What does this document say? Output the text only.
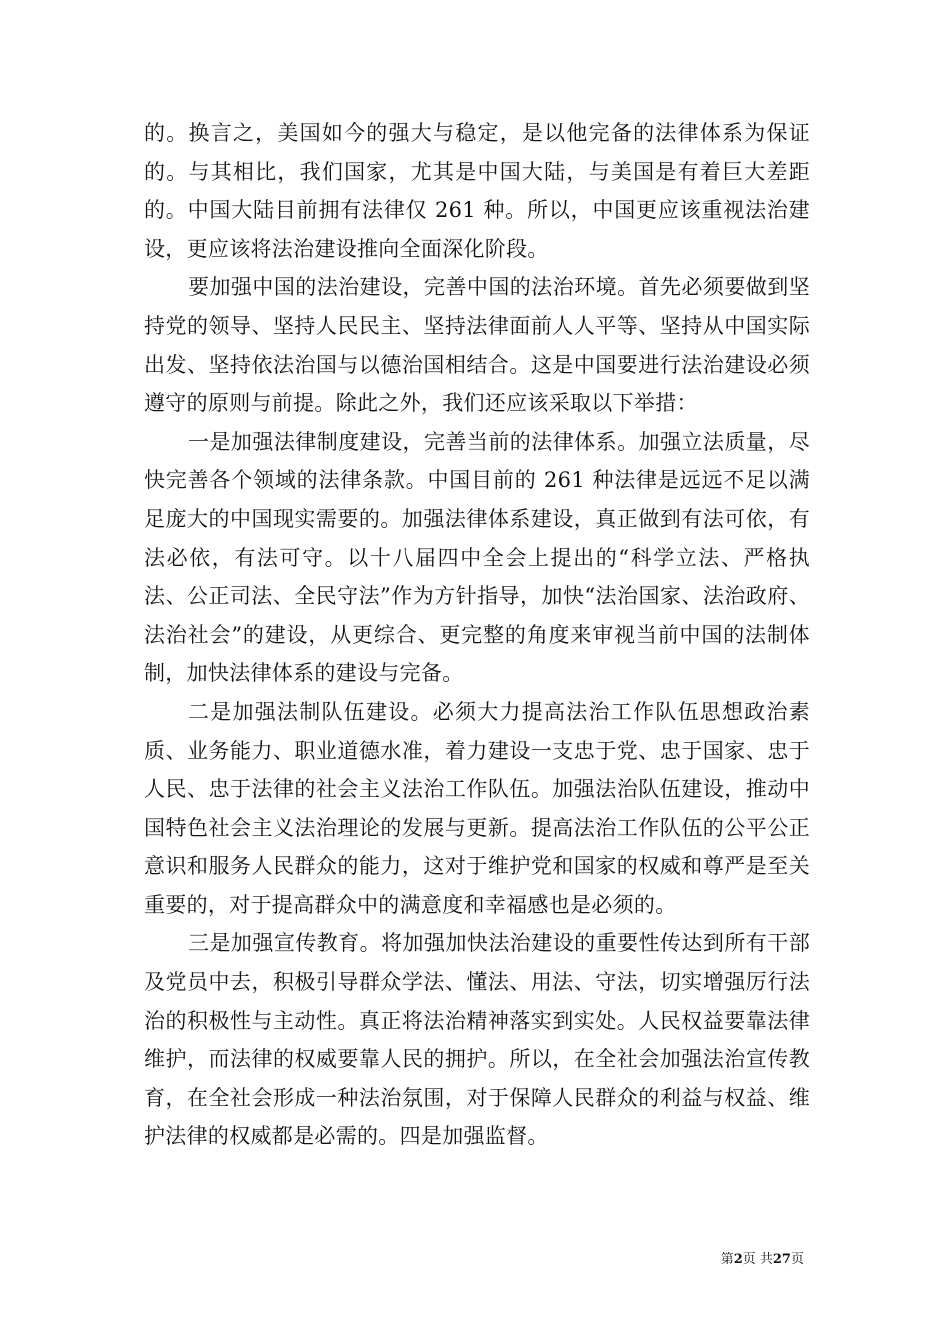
的。换言之，美国如今的强大与稳定，是以他完备的法律体系为保证的。与其相比，我们国家，尤其是中国大陆，与美国是有着巨大差距的。中国大陆目前拥有法律仅 261 种。所以，中国更应该重视法治建设，更应该将法治建设推向全面深化阶段。

要加强中国的法治建设，完善中国的法治环境。首先必须要做到坚持党的领导、坚持人民民主、坚持法律面前人人平等、坚持从中国实际出发、坚持依法治国与以德治国相结合。这是中国要进行法治建设必须遵守的原则与前提。除此之外，我们还应该采取以下举措：

一是加强法律制度建设，完善当前的法律体系。加强立法质量，尽快完善各个领域的法律条款。中国目前的 261 种法律是远远不足以满足庞大的中国现实需要的。加强法律体系建设，真正做到有法可依，有法必依，有法可守。以十八届四中全会上提出的“科学立法、严格执法、公正司法、全民守法”作为方针指导，加快“法治国家、法治政府、法治社会”的建设，从更综合、更完整的角度来审视当前中国的法制体制，加快法律体系的建设与完备。

二是加强法制队伍建设。必须大力提高法治工作队伍思想政治素质、业务能力、职业道德水准，着力建设一支忠于党、忠于国家、忠于人民、忠于法律的社会主义法治工作队伍。加强法治队伍建设，推动中国特色社会主义法治理论的发展与更新。提高法治工作队伍的公平公正意识和服务人民群众的能力，这对于维护党和国家的权威和尊严是至关重要的，对于提高群众中的满意度和幸福感也是必须的。

三是加强宣传教育。将加强加快法治建设的重要性传达到所有干部及党员中去，积极引导群众学法、懂法、用法、守法，切实增强厉行法治的积极性与主动性。真正将法治精神落实到实处。人民权益要靠法律维护，而法律的权威要靠人民的拥护。所以，在全社会加强法治宣传教育，在全社会形成一种法治氛围，对于保障人民群众的利益与权益、维护法律的权威都是必需的。四是加强监督。

第2页 共27页
